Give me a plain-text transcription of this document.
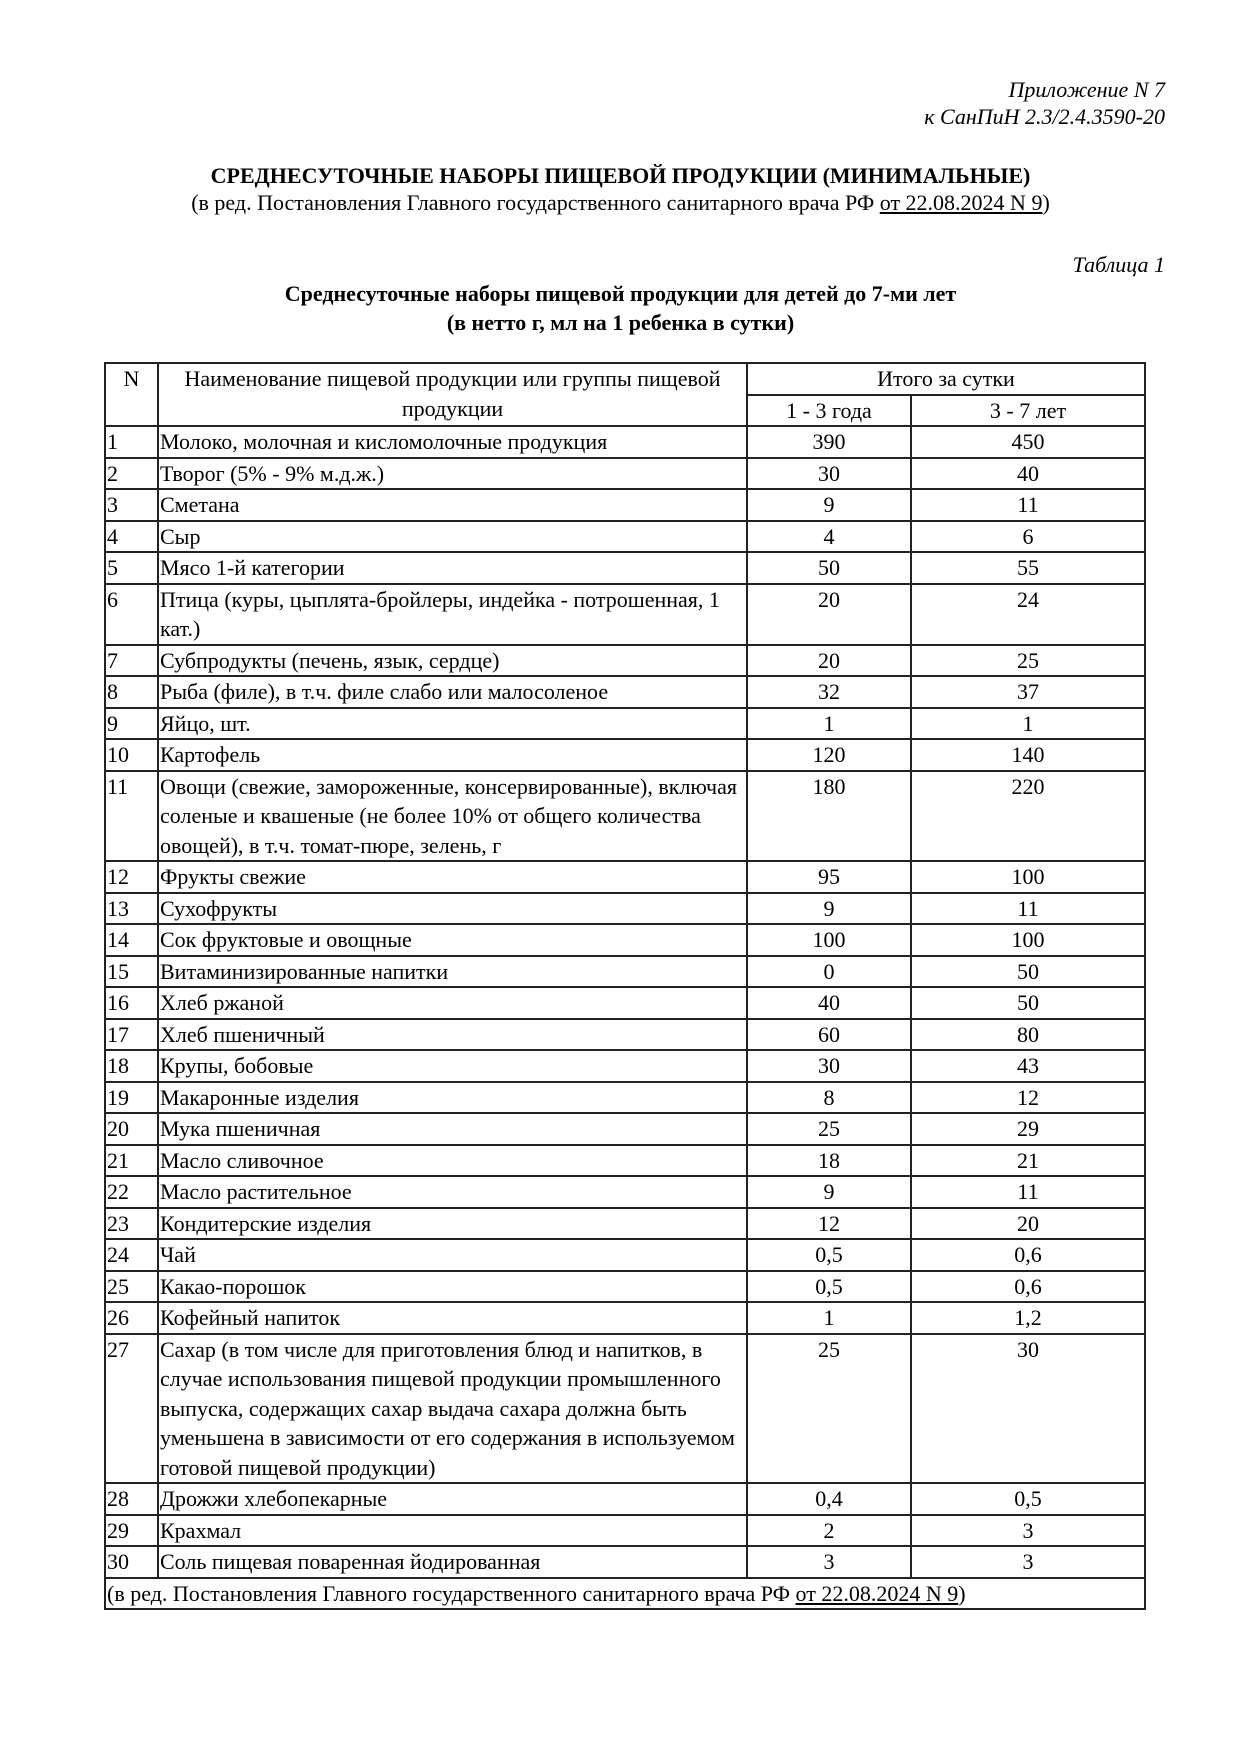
Приложение N 7
к СанПиН 2.3/2.4.3590-20
СРЕДНЕСУТОЧНЫЕ НАБОРЫ ПИЩЕВОЙ ПРОДУКЦИИ (МИНИМАЛЬНЫЕ)
(в ред. Постановления Главного государственного санитарного врача РФ от 22.08.2024 N 9)
Таблица 1
Среднесуточные наборы пищевой продукции для детей до 7-ми лет
(в нетто г, мл на 1 ребенка в сутки)
N	Наименование пищевой продукции или группы пищевой продукции	Итого за сутки	
		1 - 3 года	3 - 7 лет
1	Молоко, молочная и кисломолочные продукция	390	450
2	Творог (5% - 9% м.д.ж.)	30	40
3	Сметана	9	11
4	Сыр	4	6
5	Мясо 1-й категории	50	55
6	Птица (куры, цыплята-бройлеры, индейка - потрошенная, 1 кат.)	20	24
7	Субпродукты (печень, язык, сердце)	20	25
8	Рыба (филе), в т.ч. филе слабо или малосоленое	32	37
9	Яйцо, шт.	1	1
10	Картофель	120	140
11	Овощи (свежие, замороженные, консервированные), включая соленые и квашеные (не более 10% от общего количества овощей), в т.ч. томат-пюре, зелень, г	180	220
12	Фрукты свежие	95	100
13	Сухофрукты	9	11
14	Сок фруктовые и овощные	100	100
15	Витаминизированные напитки	0	50
16	Хлеб ржаной	40	50
17	Хлеб пшеничный	60	80
18	Крупы, бобовые	30	43
19	Макаронные изделия	8	12
20	Мука пшеничная	25	29
21	Масло сливочное	18	21
22	Масло растительное	9	11
23	Кондитерские изделия	12	20
24	Чай	0,5	0,6
25	Какао-порошок	0,5	0,6
26	Кофейный напиток	1	1,2
27	Сахар (в том числе для приготовления блюд и напитков, в случае использования пищевой продукции промышленного выпуска, содержащих сахар выдача сахара должна быть уменьшена в зависимости от его содержания в используемом готовой пищевой продукции)	25	30
28	Дрожжи хлебопекарные	0,4	0,5
29	Крахмал	2	3
30	Соль пищевая поваренная йодированная	3	3
(в ред. Постановления Главного государственного санитарного врача РФ от 22.08.2024 N 9)			
